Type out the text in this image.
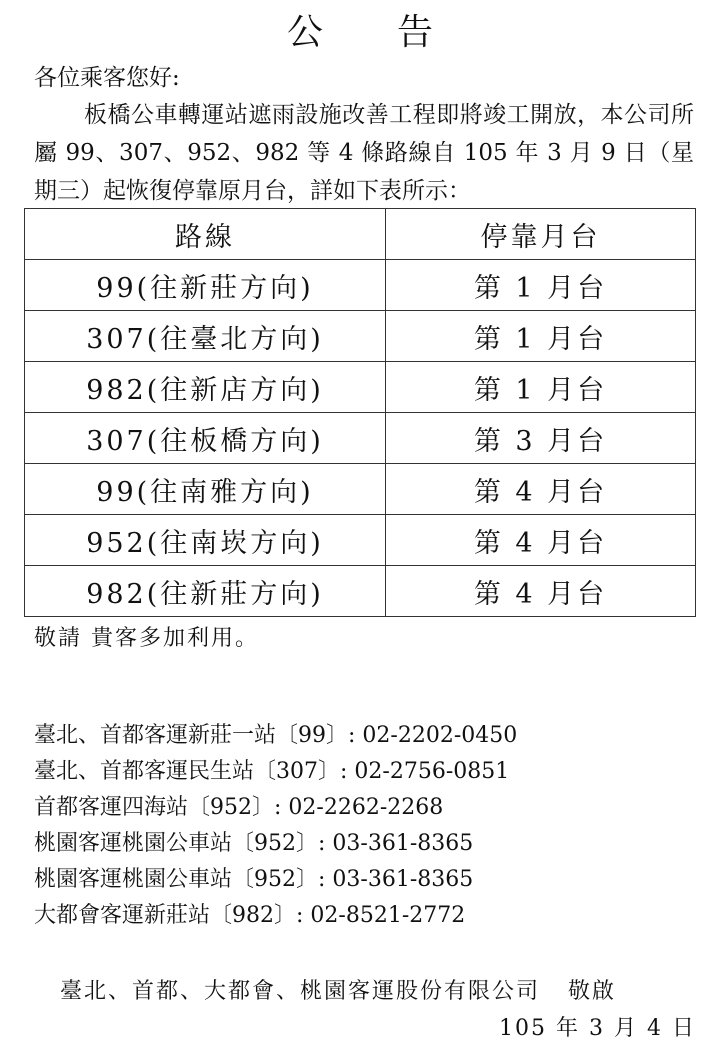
公告
各位乘客您好:
板橋公車轉運站遮雨設施改善工程即將竣工開放，本公司所屬 99、307、952、982 等 4 條路線自 105 年 3 月 9 日（星期三）起恢復停靠原月台，詳如下表所示：
路線	停靠月台
99(往新莊方向)	第 1 月台
307(往臺北方向)	第 1 月台
982(往新店方向)	第 1 月台
307(往板橋方向)	第 3 月台
99(往南雅方向)	第 4 月台
952(往南崁方向)	第 4 月台
982(往新莊方向)	第 4 月台
敬請 貴客多加利用。
臺北、首都客運新莊一站〔99〕: 02-2202-0450
臺北、首都客運民生站〔307〕: 02-2756-0851
首都客運四海站〔952〕: 02-2262-2268
桃園客運桃園公車站〔952〕: 03-361-8365
桃園客運桃園公車站〔952〕: 03-361-8365
大都會客運新莊站〔982〕: 02-8521-2772
臺北、首都、大都會、桃園客運股份有限公司 敬啟
105 年 3 月 4 日
